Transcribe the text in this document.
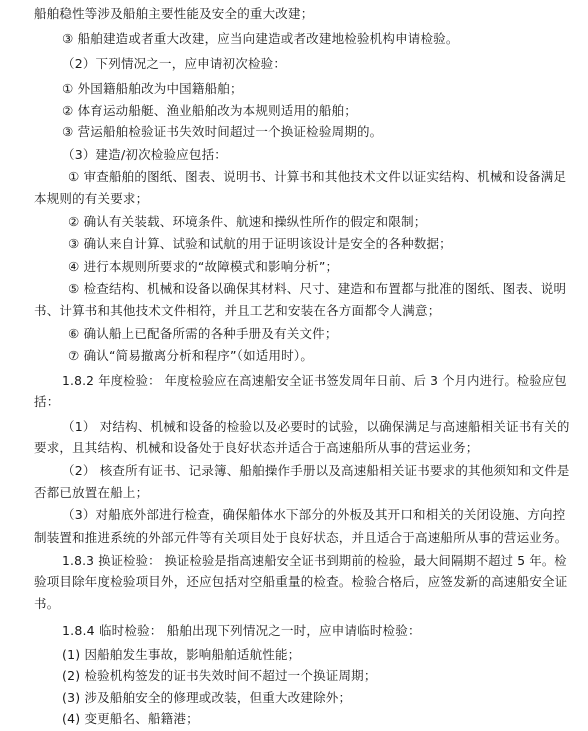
船舶稳性等涉及船舶主要性能及安全的重大改建；
③ 船舶建造或者重大改建，应当向建造或者改建地检验机构申请检验。
（2）下列情况之一，应申请初次检验：
① 外国籍船舶改为中国籍船舶；
② 体育运动船艇、渔业船舶改为本规则适用的船舶；
③ 营运船舶检验证书失效时间超过一个换证检验周期的。
（3）建造/初次检验应包括：
① 审查船舶的图纸、图表、说明书、计算书和其他技术文件以证实结构、机械和设备满足
本规则的有关要求；
② 确认有关装载、环境条件、航速和操纵性所作的假定和限制；
③ 确认来自计算、试验和试航的用于证明该设计是安全的各种数据；
④ 进行本规则所要求的“故障模式和影响分析”；
⑤ 检查结构、机械和设备以确保其材料、尺寸、建造和布置都与批准的图纸、图表、说明
书、计算书和其他技术文件相符，并且工艺和安装在各方面都令人满意；
⑥ 确认船上已配备所需的各种手册及有关文件；
⑦ 确认“简易撤离分析和程序”（如适用时）。
1.8.2 年度检验： 年度检验应在高速船安全证书签发周年日前、后 3 个月内进行。检验应包
括：
（1） 对结构、机械和设备的检验以及必要时的试验，以确保满足与高速船相关证书有关的
要求，且其结构、机械和设备处于良好状态并适合于高速船所从事的营运业务；
（2） 核查所有证书、记录簿、船舶操作手册以及高速船相关证书要求的其他须知和文件是
否都已放置在船上；
（3）对船底外部进行检查，确保船体水下部分的外板及其开口和相关的关闭设施、方向控
制装置和推进系统的外部元件等有关项目处于良好状态，并且适合于高速船所从事的营运业务。
1.8.3 换证检验： 换证检验是指高速船安全证书到期前的检验，最大间隔期不超过 5 年。检
验项目除年度检验项目外，还应包括对空船重量的检查。检验合格后，应签发新的高速船安全证
书。
1.8.4 临时检验： 船舶出现下列情况之一时，应申请临时检验：
(1) 因船舶发生事故，影响船舶适航性能；
(2) 检验机构签发的证书失效时间不超过一个换证周期；
(3) 涉及船舶安全的修理或改装，但重大改建除外；
(4) 变更船名、船籍港；
